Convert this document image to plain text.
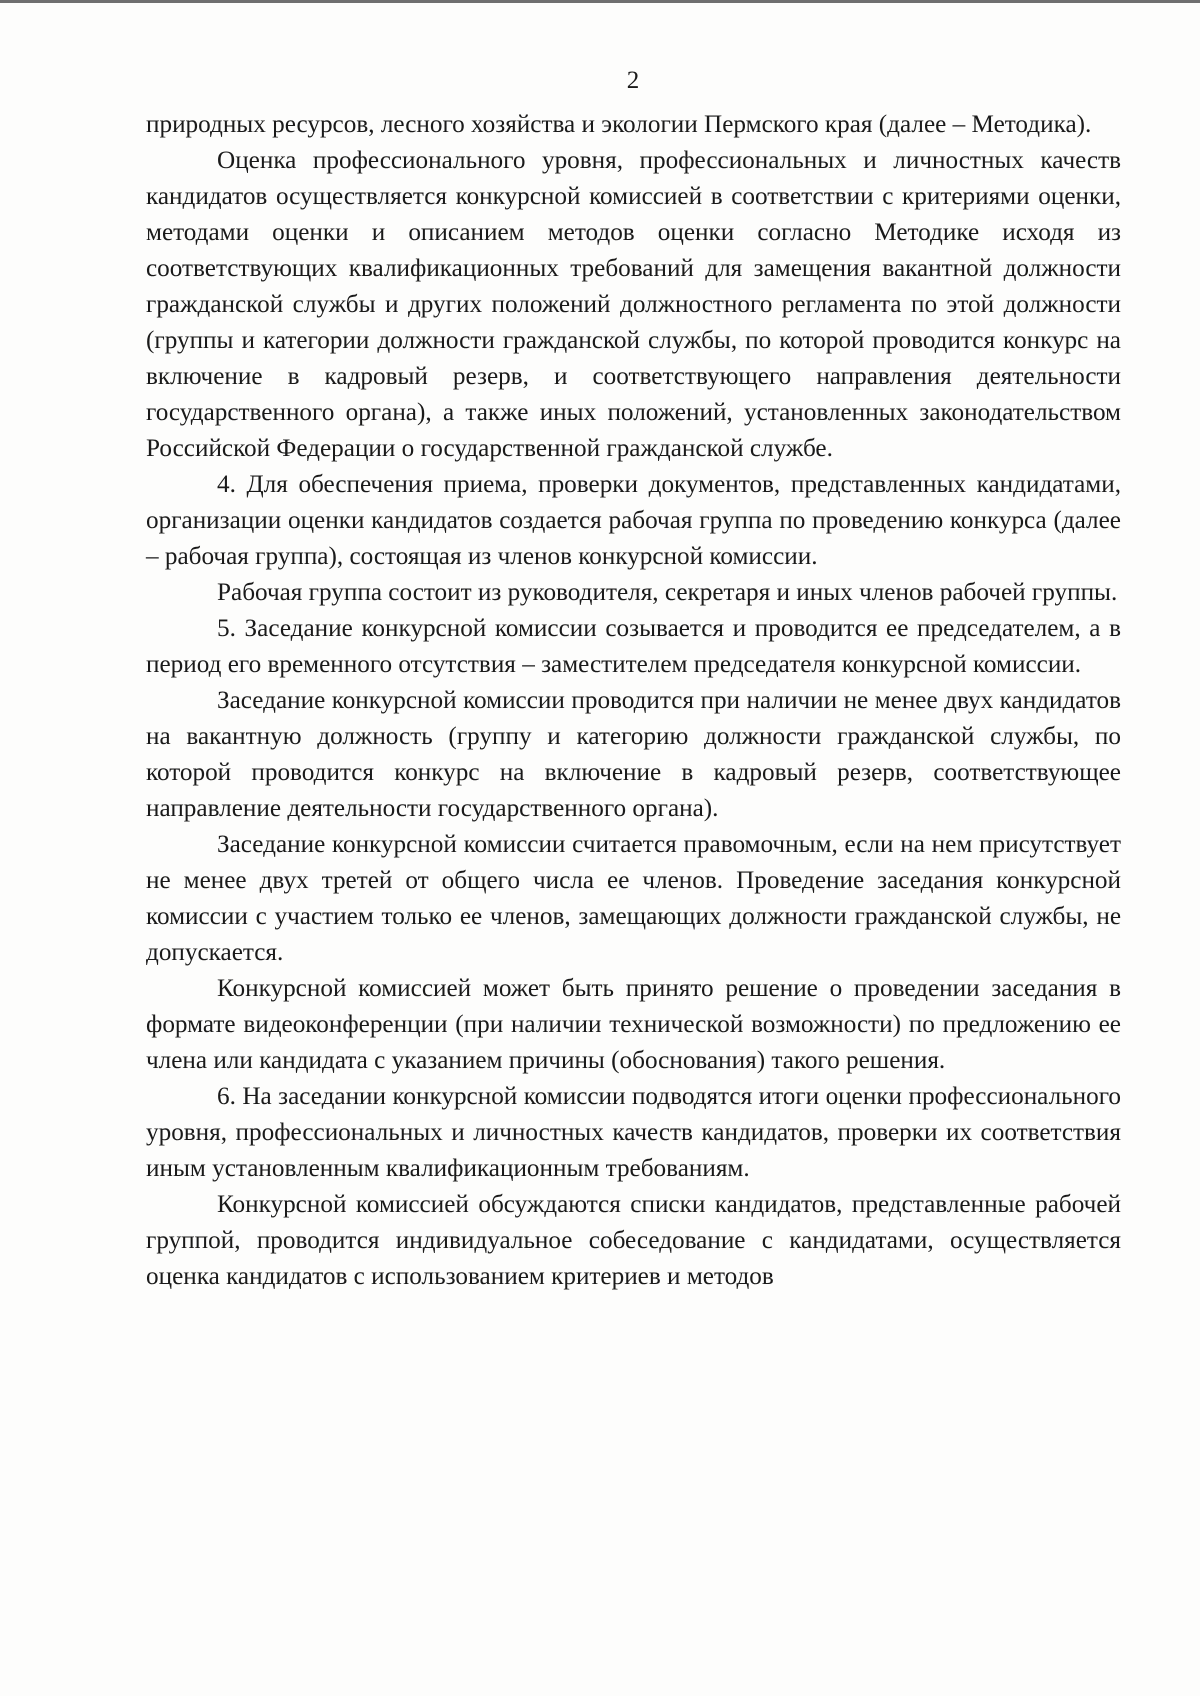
2

природных ресурсов, лесного хозяйства и экологии Пермского края (далее – Методика).

Оценка профессионального уровня, профессиональных и личностных качеств кандидатов осуществляется конкурсной комиссией в соответствии с критериями оценки, методами оценки и описанием методов оценки согласно Методике исходя из соответствующих квалификационных требований для замещения вакантной должности гражданской службы и других положений должностного регламента по этой должности (группы и категории должности гражданской службы, по которой проводится конкурс на включение в кадровый резерв, и соответствующего направления деятельности государственного органа), а также иных положений, установленных законодательством Российской Федерации о государственной гражданской службе.

4. Для обеспечения приема, проверки документов, представленных кандидатами, организации оценки кандидатов создается рабочая группа по проведению конкурса (далее – рабочая группа), состоящая из членов конкурсной комиссии.

Рабочая группа состоит из руководителя, секретаря и иных членов рабочей группы.

5. Заседание конкурсной комиссии созывается и проводится ее председателем, а в период его временного отсутствия – заместителем председателя конкурсной комиссии.

Заседание конкурсной комиссии проводится при наличии не менее двух кандидатов на вакантную должность (группу и категорию должности гражданской службы, по которой проводится конкурс на включение в кадровый резерв, соответствующее направление деятельности государственного органа).

Заседание конкурсной комиссии считается правомочным, если на нем присутствует не менее двух третей от общего числа ее членов. Проведение заседания конкурсной комиссии с участием только ее членов, замещающих должности гражданской службы, не допускается.

Конкурсной комиссией может быть принято решение о проведении заседания в формате видеоконференции (при наличии технической возможности) по предложению ее члена или кандидата с указанием причины (обоснования) такого решения.

6. На заседании конкурсной комиссии подводятся итоги оценки профессионального уровня, профессиональных и личностных качеств кандидатов, проверки их соответствия иным установленным квалификационным требованиям.

Конкурсной комиссией обсуждаются списки кандидатов, представленные рабочей группой, проводится индивидуальное собеседование с кандидатами, осуществляется оценка кандидатов с использованием критериев и методов
